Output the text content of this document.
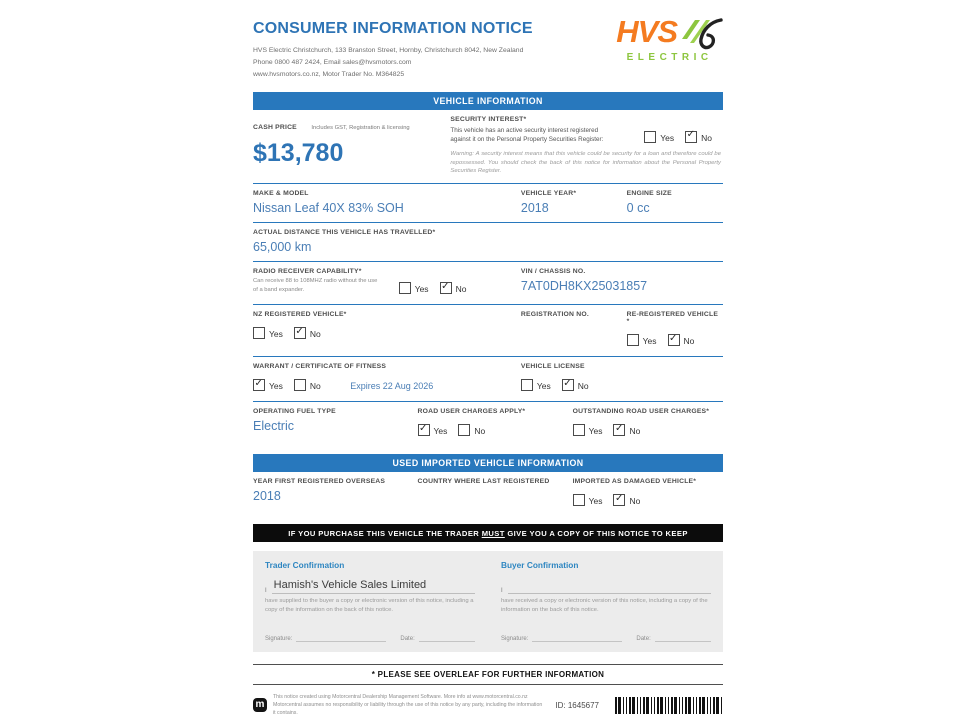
CONSUMER INFORMATION NOTICE
HVS Electric Christchurch, 133 Branston Street, Hornby, Christchurch 8042, New Zealand
Phone 0800 487 2424, Email sales@hvsmotors.com
www.hvsmotors.co.nz, Motor Trader No. M364825
HVS
ELECTRIC
VEHICLE INFORMATION
CASH PRICE Includes GST, Registration & licensing
$13,780
SECURITY INTEREST*
This vehicle has an active security interest registered against it on the Personal Property Securities Register:	Yes ✓	No
Warning: A security interest means that this vehicle could be security for a loan and therefore could be repossessed. You should check the back of this notice for information about the Personal Property Securities Register.
MAKE & MODEL
Nissan Leaf 40X 83% SOH
VEHICLE YEAR*
2018
ENGINE SIZE
0 cc
ACTUAL DISTANCE THIS VEHICLE HAS TRAVELLED*
65,000 km
RADIO RECEIVER CAPABILITY*
Can receive 88 to 108MHZ radio without the use of a band expander.	Yes ✓	No
VIN / CHASSIS NO.
7AT0DH8KX25031857
NZ REGISTERED VEHICLE*
Yes ✓	No
REGISTRATION NO.	RE-REGISTERED VEHICLE *
Yes ✓	No
WARRANT / CERTIFICATE OF FITNESS
✓Yes	No	Expires 22 Aug 2026
VEHICLE LICENSE
Yes ✓	No
OPERATING FUEL TYPE
Electric
ROAD USER CHARGES APPLY*
✓Yes	No
OUTSTANDING ROAD USER CHARGES*
Yes ✓	No
USED IMPORTED VEHICLE INFORMATION
YEAR FIRST REGISTERED OVERSEAS
2018
COUNTRY WHERE LAST REGISTERED	IMPORTED AS DAMAGED VEHICLE*
Yes ✓	No
IF YOU PURCHASE THIS VEHICLE THE TRADER MUST GIVE YOU A COPY OF THIS NOTICE TO KEEP
Trader Confirmation
I Hamish's Vehicle Sales Limited
have supplied to the buyer a copy or electronic version of this notice, including a copy of the information on the back of this notice.
Signature:	Date:
Buyer Confirmation
I
have received a copy or electronic version of this notice, including a copy of the information on the back of this notice.
Signature:	Date:
* PLEASE SEE OVERLEAF FOR FURTHER INFORMATION
m
This notice created using Motorcentral Dealership Management Software. More info at www.motorcentral.co.nz
Motorcentral assumes no responsibility or liability through the use of this notice by any party, including the information it contains.
ID: 1645677
